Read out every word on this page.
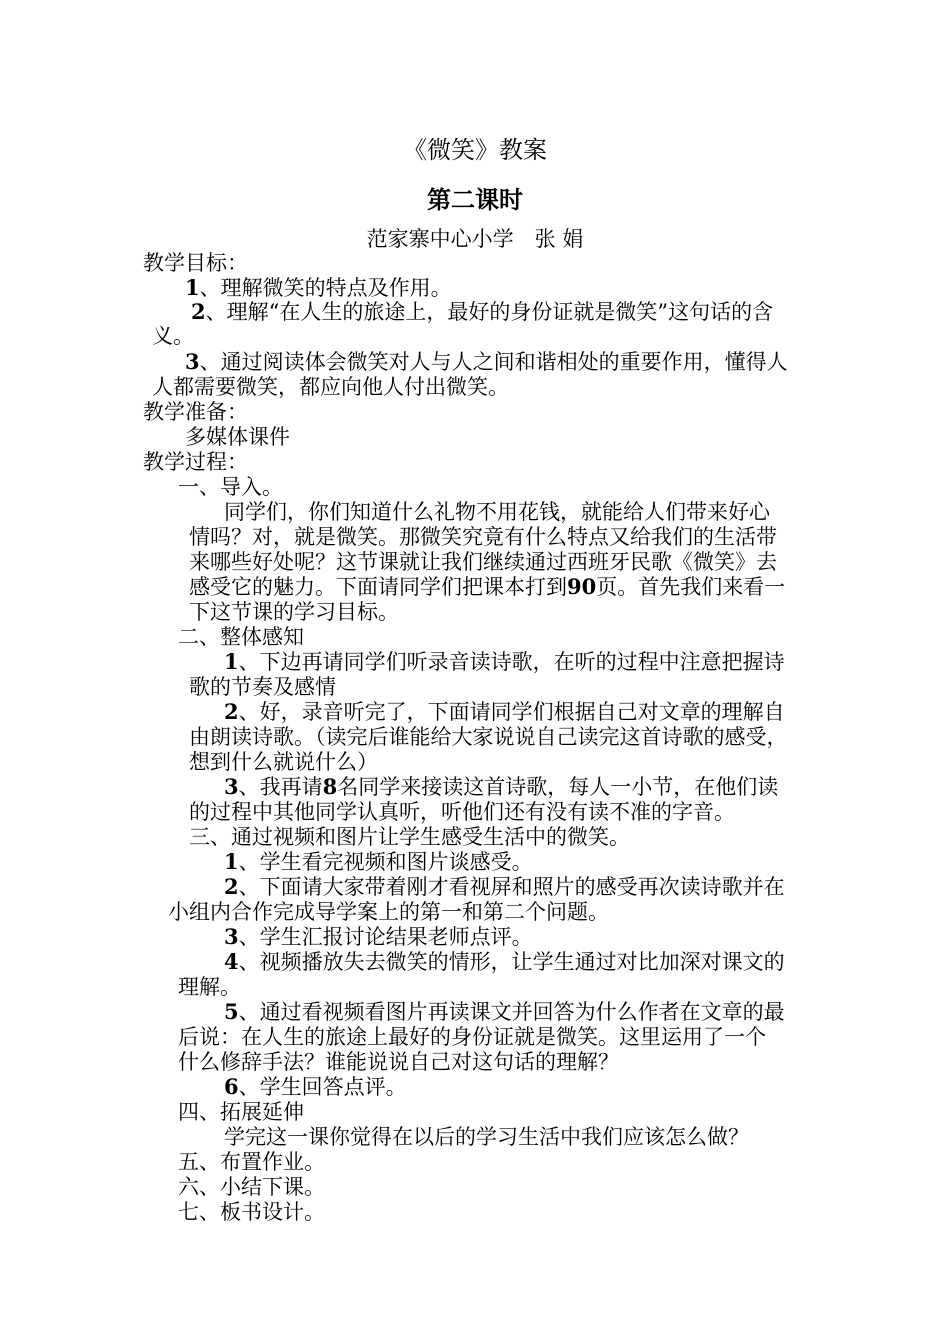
《微笑》教案
第二课时
范家寨中心小学　张 娟
教学目标：
1、理解微笑的特点及作用。
2、理解“在人生的旅途上，最好的身份证就是微笑”这句话的含
义。
3、通过阅读体会微笑对人与人之间和谐相处的重要作用，懂得人
人都需要微笑，都应向他人付出微笑。
教学准备：
多媒体课件
教学过程：
一、导入。
同学们，你们知道什么礼物不用花钱，就能给人们带来好心
情吗？对，就是微笑。那微笑究竟有什么特点又给我们的生活带
来哪些好处呢？这节课就让我们继续通过西班牙民歌《微笑》去
感受它的魅力。下面请同学们把课本打到90页。首先我们来看一
下这节课的学习目标。
二、整体感知
1、下边再请同学们听录音读诗歌，在听的过程中注意把握诗
歌的节奏及感情
2、好，录音听完了，下面请同学们根据自己对文章的理解自
由朗读诗歌。（读完后谁能给大家说说自己读完这首诗歌的感受，
想到什么就说什么）
3、我再请8名同学来接读这首诗歌，每人一小节，在他们读
的过程中其他同学认真听，听他们还有没有读不准的字音。
三、通过视频和图片让学生感受生活中的微笑。
1、学生看完视频和图片谈感受。
2、下面请大家带着刚才看视屏和照片的感受再次读诗歌并在
小组内合作完成导学案上的第一和第二个问题。
3、学生汇报讨论结果老师点评。
4、视频播放失去微笑的情形，让学生通过对比加深对课文的
理解。
5、通过看视频看图片再读课文并回答为什么作者在文章的最
后说：在人生的旅途上最好的身份证就是微笑。这里运用了一个
什么修辞手法？谁能说说自己对这句话的理解？
6、学生回答点评。
四、拓展延伸
学完这一课你觉得在以后的学习生活中我们应该怎么做？
五、布置作业。
六、小结下课。
七、板书设计。
